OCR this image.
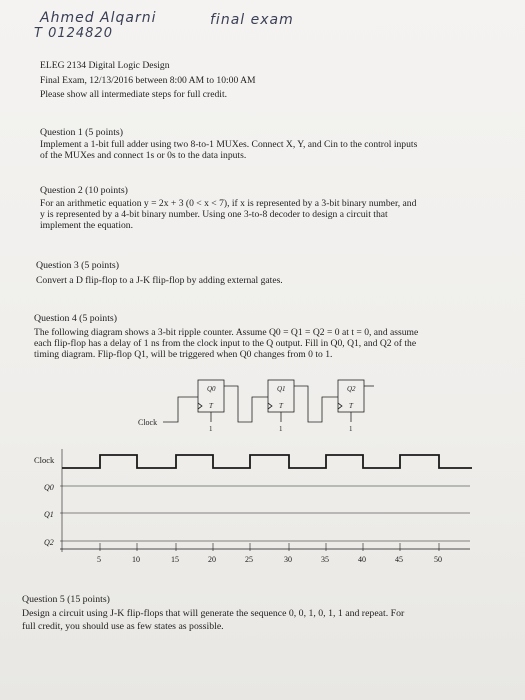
Ahmed Alqarni
T 0124820
final exam
ELEG 2134 Digital Logic Design
Final Exam, 12/13/2016 between 8:00 AM to 10:00 AM
Please show all intermediate steps for full credit.
Question 1 (5 points)
Implement a 1-bit full adder using two 8-to-1 MUXes. Connect X, Y, and Cin to the control inputs
of the MUXes and connect 1s or 0s to the data inputs.
Question 2 (10 points)
For an arithmetic equation y = 2x + 3 (0 < x < 7), if x is represented by a 3-bit binary number, and
y is represented by a 4-bit binary number. Using one 3-to-8 decoder to design a circuit that
implement the equation.
Question 3 (5 points)
Convert a D flip-flop to a J-K flip-flop by adding external gates.
Question 4 (5 points)
The following diagram shows a 3-bit ripple counter. Assume Q0 = Q1 = Q2 = 0 at t = 0, and assume
each flip-flop has a delay of 1 ns from the clock input to the Q output. Fill in Q0, Q1, and Q2 of the
timing diagram. Flip-flop Q1, will be triggered when Q0 changes from 0 to 1.
Clock
Q0
T
1
Q1
T
1
Q2
T
1
Clock
Q0
Q1
Q2
5	10	15	20	25	30	35	40	45	50
Question 5 (15 points)
Design a circuit using J-K flip-flops that will generate the sequence 0, 0, 1, 0, 1, 1 and repeat. For
full credit, you should use as few states as possible.
